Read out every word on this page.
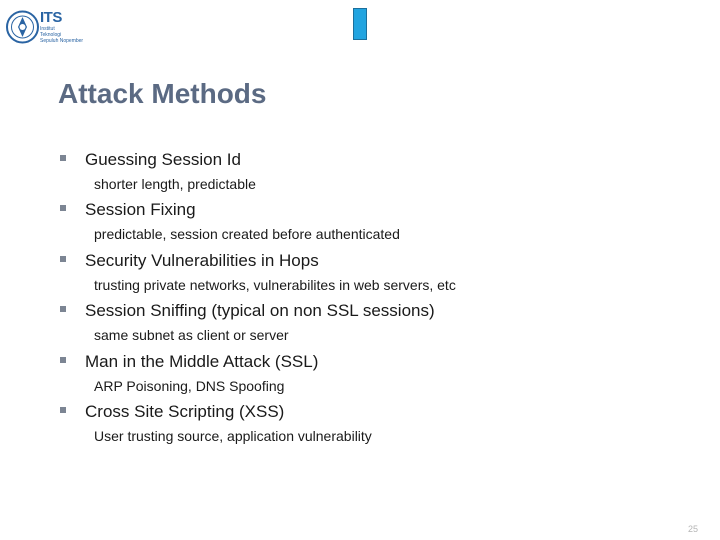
ITS
Institut
Teknologi
Sepuluh Nopember
Attack Methods
Guessing Session Id
shorter length, predictable
Session Fixing
predictable, session created before authenticated
Security Vulnerabilities in Hops
trusting private networks, vulnerabilites in web servers, etc
Session Sniffing (typical on non SSL sessions)
same subnet as client or server
Man in the Middle Attack (SSL)
ARP Poisoning, DNS Spoofing
Cross Site Scripting (XSS)
User trusting source, application vulnerability
25
